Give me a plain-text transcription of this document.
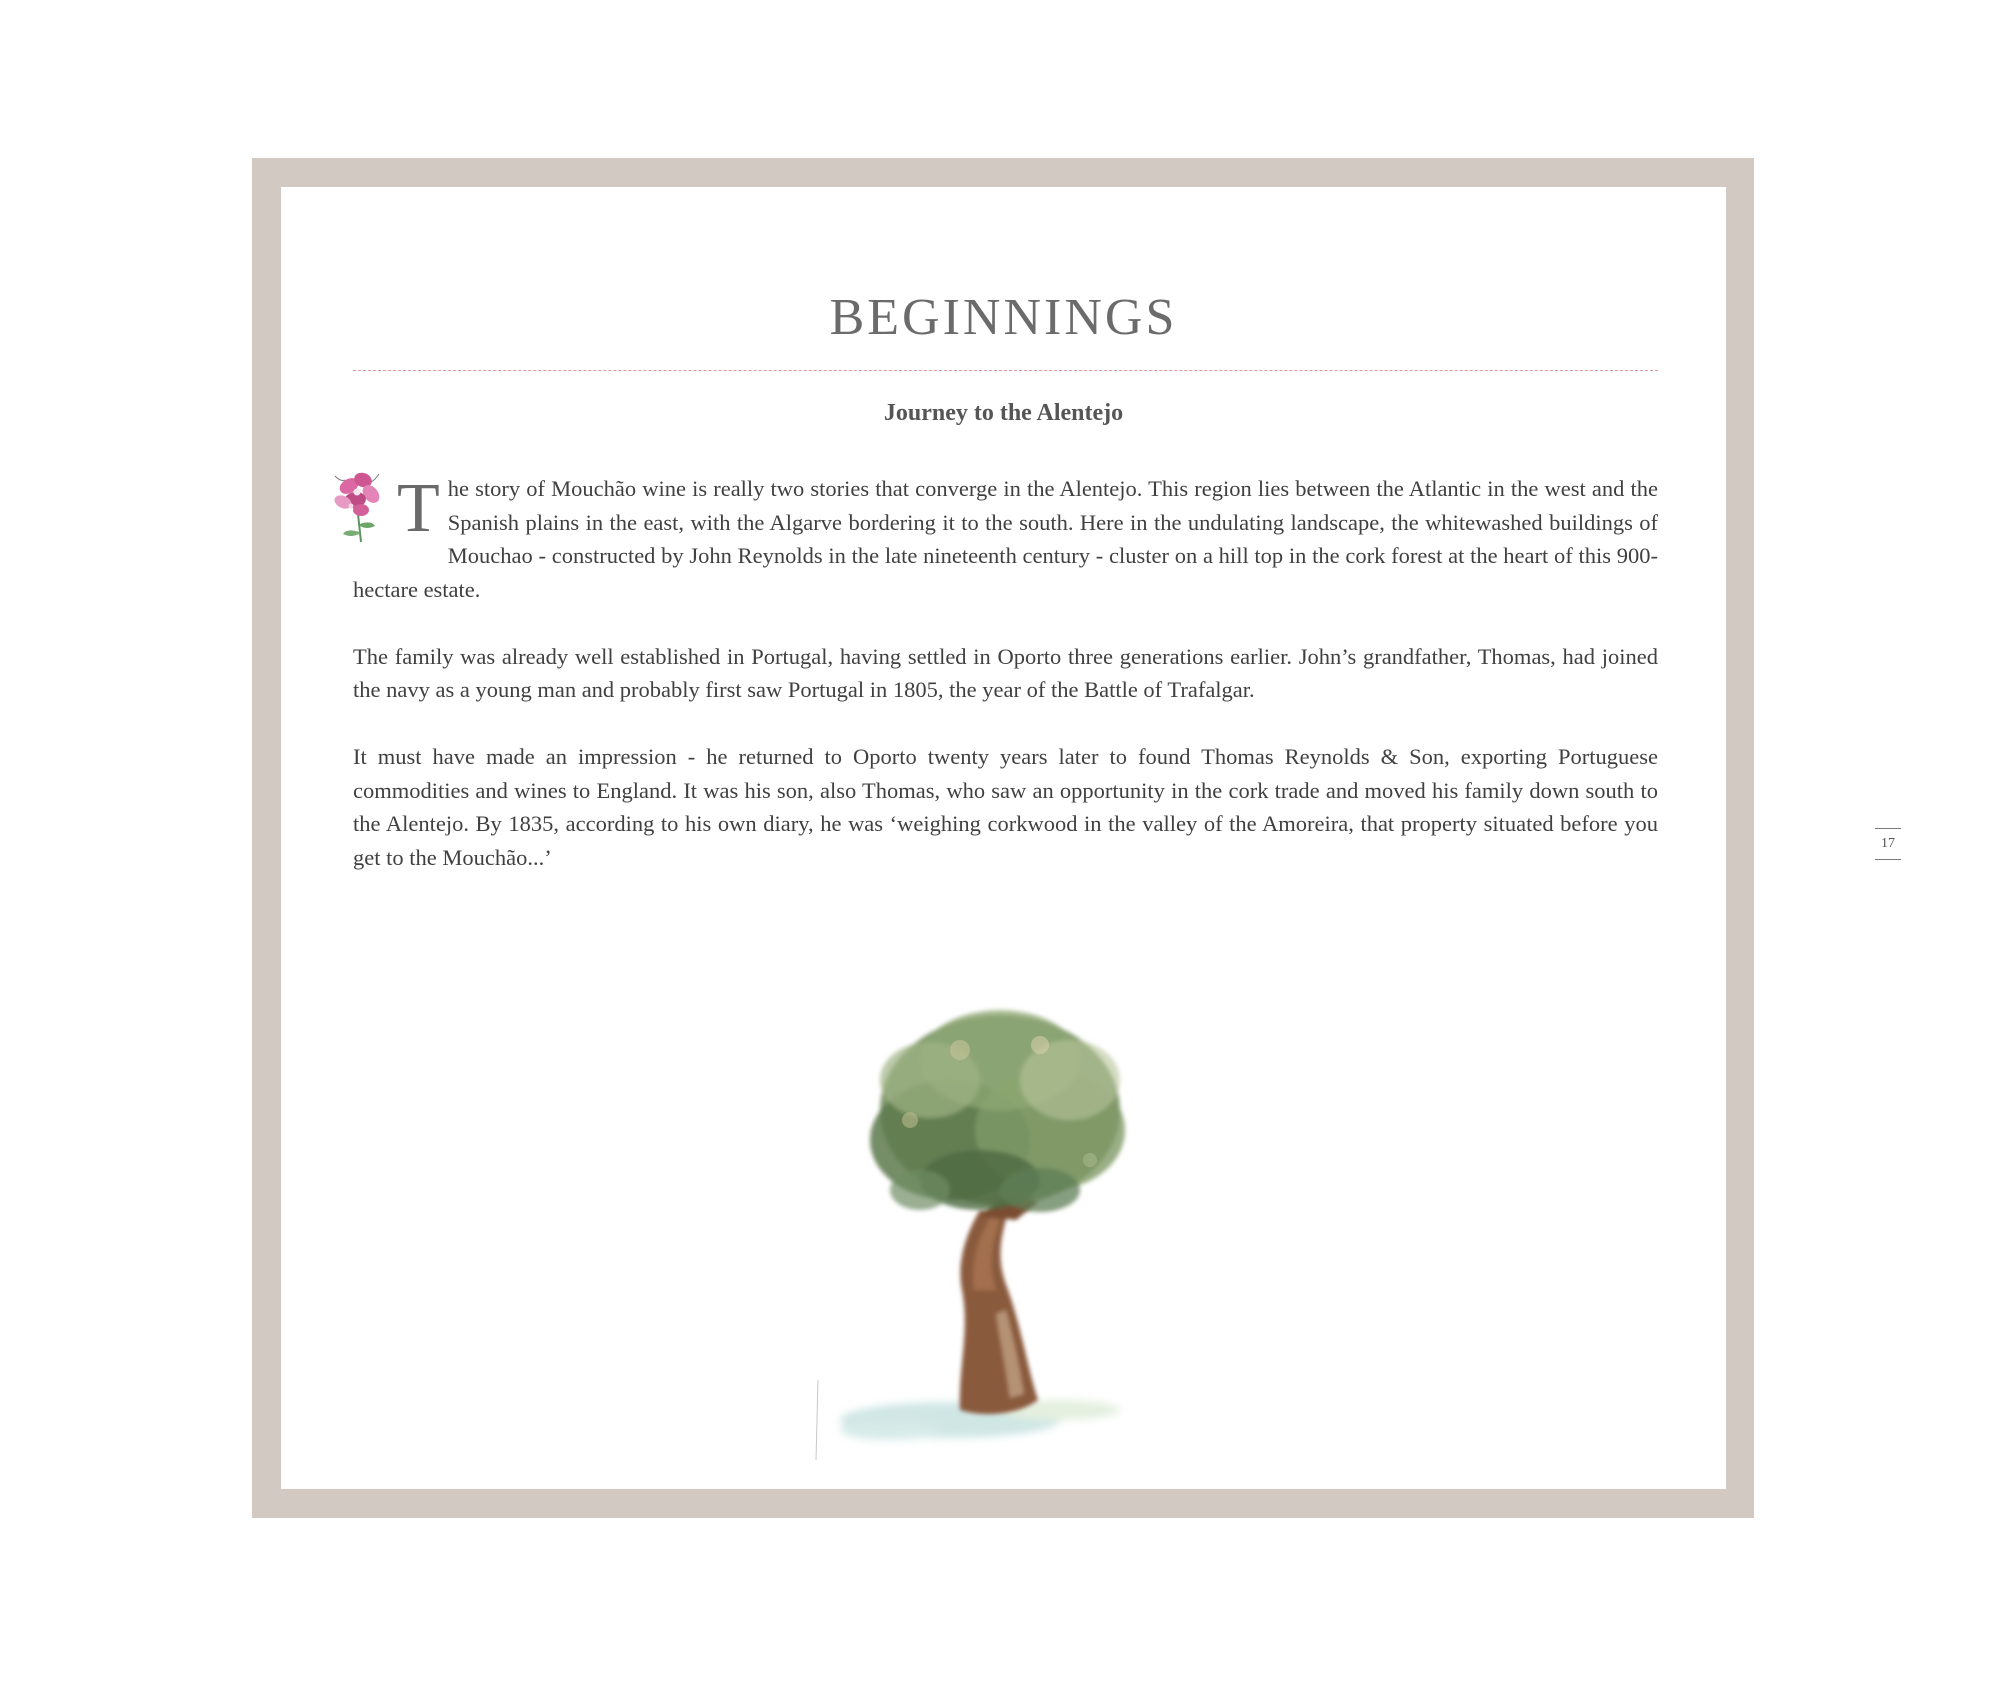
BEGINNINGS
Journey to the Alentejo

The story of Mouchão wine is really two stories that converge in the Alentejo. This region lies between the Atlantic in the west and the Spanish plains in the east, with the Algarve bordering it to the south. Here in the undulating landscape, the whitewashed buildings of Mouchao - constructed by John Reynolds in the late nineteenth century - cluster on a hill top in the cork forest at the heart of this 900-hectare estate.

The family was already well established in Portugal, having settled in Oporto three generations earlier. John’s grandfather, Thomas, had joined the navy as a young man and probably first saw Portugal in 1805, the year of the Battle of Trafalgar.

It must have made an impression - he returned to Oporto twenty years later to found Thomas Reynolds & Son, exporting Portuguese commodities and wines to England. It was his son, also Thomas, who saw an opportunity in the cork trade and moved his family down south to the Alentejo. By 1835, according to his own diary, he was ‘weighing corkwood in the valley of the Amoreira, that property situated before you get to the Mouchão...’

17
